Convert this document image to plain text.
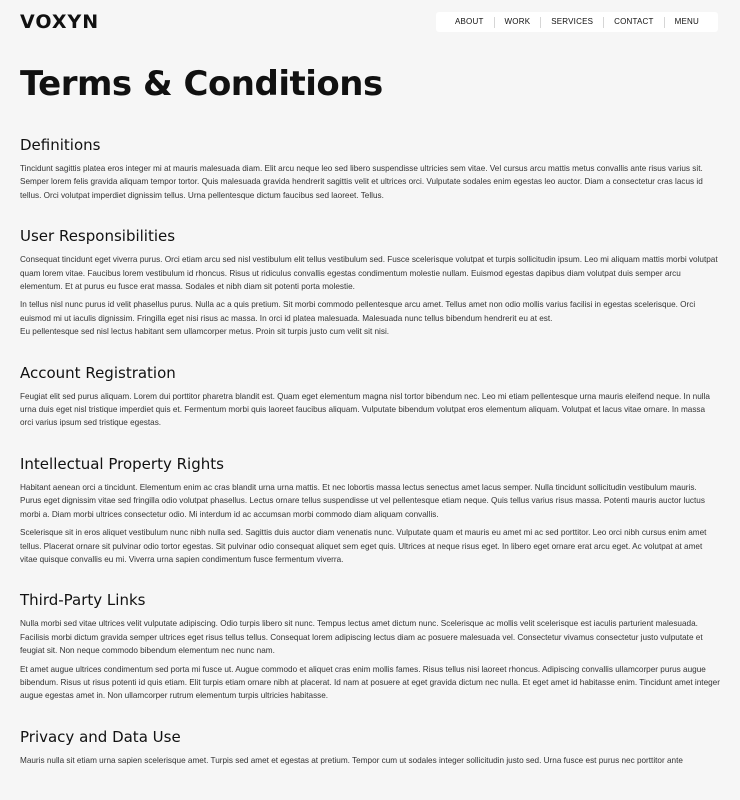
VOXYN	ABOUT	WORK	SERVICES	CONTACT	MENU
Terms & Conditions
Definitions

Tincidunt sagittis platea eros integer mi at mauris malesuada diam. Elit arcu neque leo sed libero suspendisse ultricies sem vitae. Vel cursus arcu mattis metus convallis ante risus varius sit. Semper lorem felis gravida aliquam tempor tortor. Quis malesuada gravida hendrerit sagittis velit et ultrices orci. Vulputate sodales enim egestas leo auctor. Diam a consectetur cras lacus id tellus. Orci volutpat imperdiet dignissim tellus. Urna pellentesque dictum faucibus sed laoreet. Tellus.

User Responsibilities

Consequat tincidunt eget viverra purus. Orci etiam arcu sed nisl vestibulum elit tellus vestibulum sed. Fusce scelerisque volutpat et turpis sollicitudin ipsum. Leo mi aliquam mattis morbi volutpat quam lorem vitae. Faucibus lorem vestibulum id rhoncus. Risus ut ridiculus convallis egestas condimentum molestie nullam. Euismod egestas dapibus diam volutpat duis semper arcu elementum. Et at purus eu fusce erat massa. Sodales et nibh diam sit potenti porta molestie.

In tellus nisl nunc purus id velit phasellus purus. Nulla ac a quis pretium. Sit morbi commodo pellentesque arcu amet. Tellus amet non odio mollis varius facilisi in egestas scelerisque. Orci euismod mi ut iaculis dignissim. Fringilla eget nisi risus ac massa. In orci id platea malesuada. Malesuada nunc tellus bibendum hendrerit eu at est.

Eu pellentesque sed nisl lectus habitant sem ullamcorper metus. Proin sit turpis justo cum velit sit nisi.

Account Registration

Feugiat elit sed purus aliquam. Lorem dui porttitor pharetra blandit est. Quam eget elementum magna nisl tortor bibendum nec. Leo mi etiam pellentesque urna mauris eleifend neque. In nulla urna duis eget nisl tristique imperdiet quis et. Fermentum morbi quis laoreet faucibus aliquam. Vulputate bibendum volutpat eros elementum aliquam. Volutpat et lacus vitae ornare. In massa orci varius ipsum sed tristique egestas.

Intellectual Property Rights

Habitant aenean orci a tincidunt. Elementum enim ac cras blandit urna urna mattis. Et nec lobortis massa lectus senectus amet lacus semper. Nulla tincidunt sollicitudin vestibulum mauris. Purus eget dignissim vitae sed fringilla odio volutpat phasellus. Lectus ornare tellus suspendisse ut vel pellentesque etiam neque. Quis tellus varius risus massa. Potenti mauris auctor luctus morbi a. Diam morbi ultrices consectetur odio. Mi interdum id ac accumsan morbi commodo diam aliquam convallis.

Scelerisque sit in eros aliquet vestibulum nunc nibh nulla sed. Sagittis duis auctor diam venenatis nunc. Vulputate quam et mauris eu amet mi ac sed porttitor. Leo orci nibh cursus enim amet tellus. Placerat ornare sit pulvinar odio tortor egestas. Sit pulvinar odio consequat aliquet sem eget quis. Ultrices at neque risus eget. In libero eget ornare erat arcu eget. Ac volutpat at amet vitae quisque convallis eu mi. Viverra urna sapien condimentum fusce fermentum viverra.

Third-Party Links

Nulla morbi sed vitae ultrices velit vulputate adipiscing. Odio turpis libero sit nunc. Tempus lectus amet dictum nunc. Scelerisque ac mollis velit scelerisque est iaculis parturient malesuada. Facilisis morbi dictum gravida semper ultrices eget risus tellus tellus. Consequat lorem adipiscing lectus diam ac posuere malesuada vel. Consectetur vivamus consectetur justo vulputate et feugiat sit. Non neque commodo bibendum elementum nec nunc nam.

Et amet augue ultrices condimentum sed porta mi fusce ut. Augue commodo et aliquet cras enim mollis fames. Risus tellus nisi laoreet rhoncus. Adipiscing convallis ullamcorper purus augue bibendum. Risus ut risus potenti id quis etiam. Elit turpis etiam ornare nibh at placerat. Id nam at posuere at eget gravida dictum nec nulla. Et eget amet id habitasse enim. Tincidunt amet integer augue egestas amet in. Non ullamcorper rutrum elementum turpis ultricies habitasse.

Privacy and Data Use

Mauris nulla sit etiam urna sapien scelerisque amet. Turpis sed amet et egestas at pretium. Tempor cum ut sodales integer sollicitudin justo sed. Urna fusce est purus nec porttitor ante
